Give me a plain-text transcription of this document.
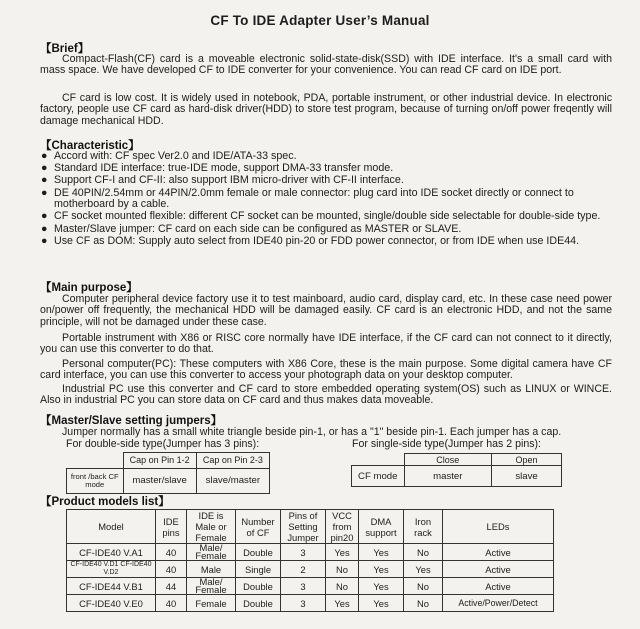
CF To IDE Adapter User’s Manual
【Brief】
Compact-Flash(CF) card is a moveable electronic solid-state-disk(SSD) with IDE interface. It's a small card with mass space. We have developed CF to IDE converter for your convenience. You can read CF card on IDE port.
CF card is low cost. It is widely used in notebook, PDA, portable instrument, or other industrial device. In electronic factory, people use CF card as hard-disk driver(HDD) to store test program, because of turning on/off power freqently will damage mechanical HDD.
【Characteristic】
● Accord with: CF spec Ver2.0 and IDE/ATA-33 spec.
● Standard IDE interface: true-IDE mode, support DMA-33 transfer mode.
● Support CF-I and CF-II: also support IBM micro-driver with CF-II interface.
● DE 40PIN/2.54mm or 44PIN/2.0mm female or male connector: plug card into IDE socket directly or connect to motherboard by a cable.
● CF socket mounted flexible: different CF socket can be mounted, single/double side selectable for double-side type.
● Master/Slave jumper: CF card on each side can be configured as MASTER or SLAVE.
● Use CF as DOM: Supply auto select from IDE40 pin-20 or FDD power connector, or from IDE when use IDE44.
【Main purpose】
Computer peripheral device factory use it to test mainboard, audio card, display card, etc. In these case need power on/power off frequently, the mechanical HDD will be damaged easily. CF card is an electronic HDD, and not the same principle, will not be damaged under these case.
Portable instrument with X86 or RISC core normally have IDE interface, if the CF card can not connect to it directly, you can use this converter to do that.
Personal computer(PC): These computers with X86 Core, these is the main purpose. Some digital camera have CF card interface, you can use this converter to access your photograph data on your desktop computer.
Industrial PC use this converter and CF card to store embedded operating system(OS) such as LINUX or WINCE. Also in industrial PC you can store data on CF card and thus makes data moveable.
【Master/Slave setting jumpers】
Jumper normally has a small white triangle beside pin-1, or has a "1" beside pin-1. Each jumper has a cap.
For double-side type(Jumper has 3 pins):	For single-side type(Jumper has 2 pins):
	Cap on Pin 1-2	Cap on Pin 2-3
front /back CF mode	master/slave	slave/master
	Close	Open
CF mode	master	slave
【Product models list】
Model	IDE pins	IDE is Male or Female	Number of CF	Pins of Setting Jumper	VCC from pin20	DMA support	Iron rack	LEDs
CF-IDE40 V.A1	40	Male/ Female	Double	3	Yes	Yes	No	Active
CF-IDE40 V.D1 CF-IDE40 V.D2	40	Male	Single	2	No	Yes	Yes	Active
CF-IDE44 V.B1	44	Male/ Female	Double	3	No	Yes	No	Active
CF-IDE40 V.E0	40	Female	Double	3	Yes	Yes	No	Active/Power/Detect
